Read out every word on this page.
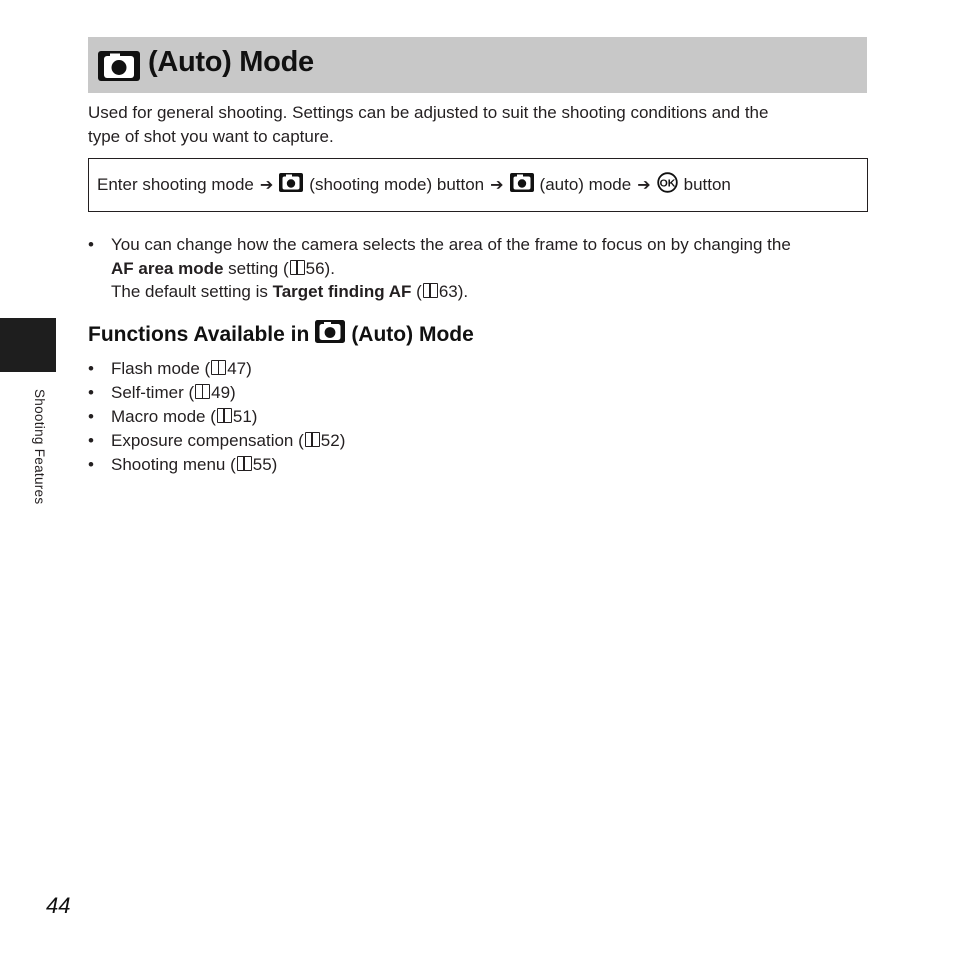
(Auto) Mode
Used for general shooting. Settings can be adjusted to suit the shooting conditions and the
type of shot you want to capture.
Enter shooting mode ➔ (shooting mode) button ➔ (auto) mode ➔ OK button
• You can change how the camera selects the area of the frame to focus on by changing the
AF area mode setting ( 56).
The default setting is Target finding AF ( 63).
Functions Available in (Auto) Mode
• Flash mode ( 47)
• Self-timer ( 49)
• Macro mode ( 51)
• Exposure compensation ( 52)
• Shooting menu ( 55)
Shooting Features
44
